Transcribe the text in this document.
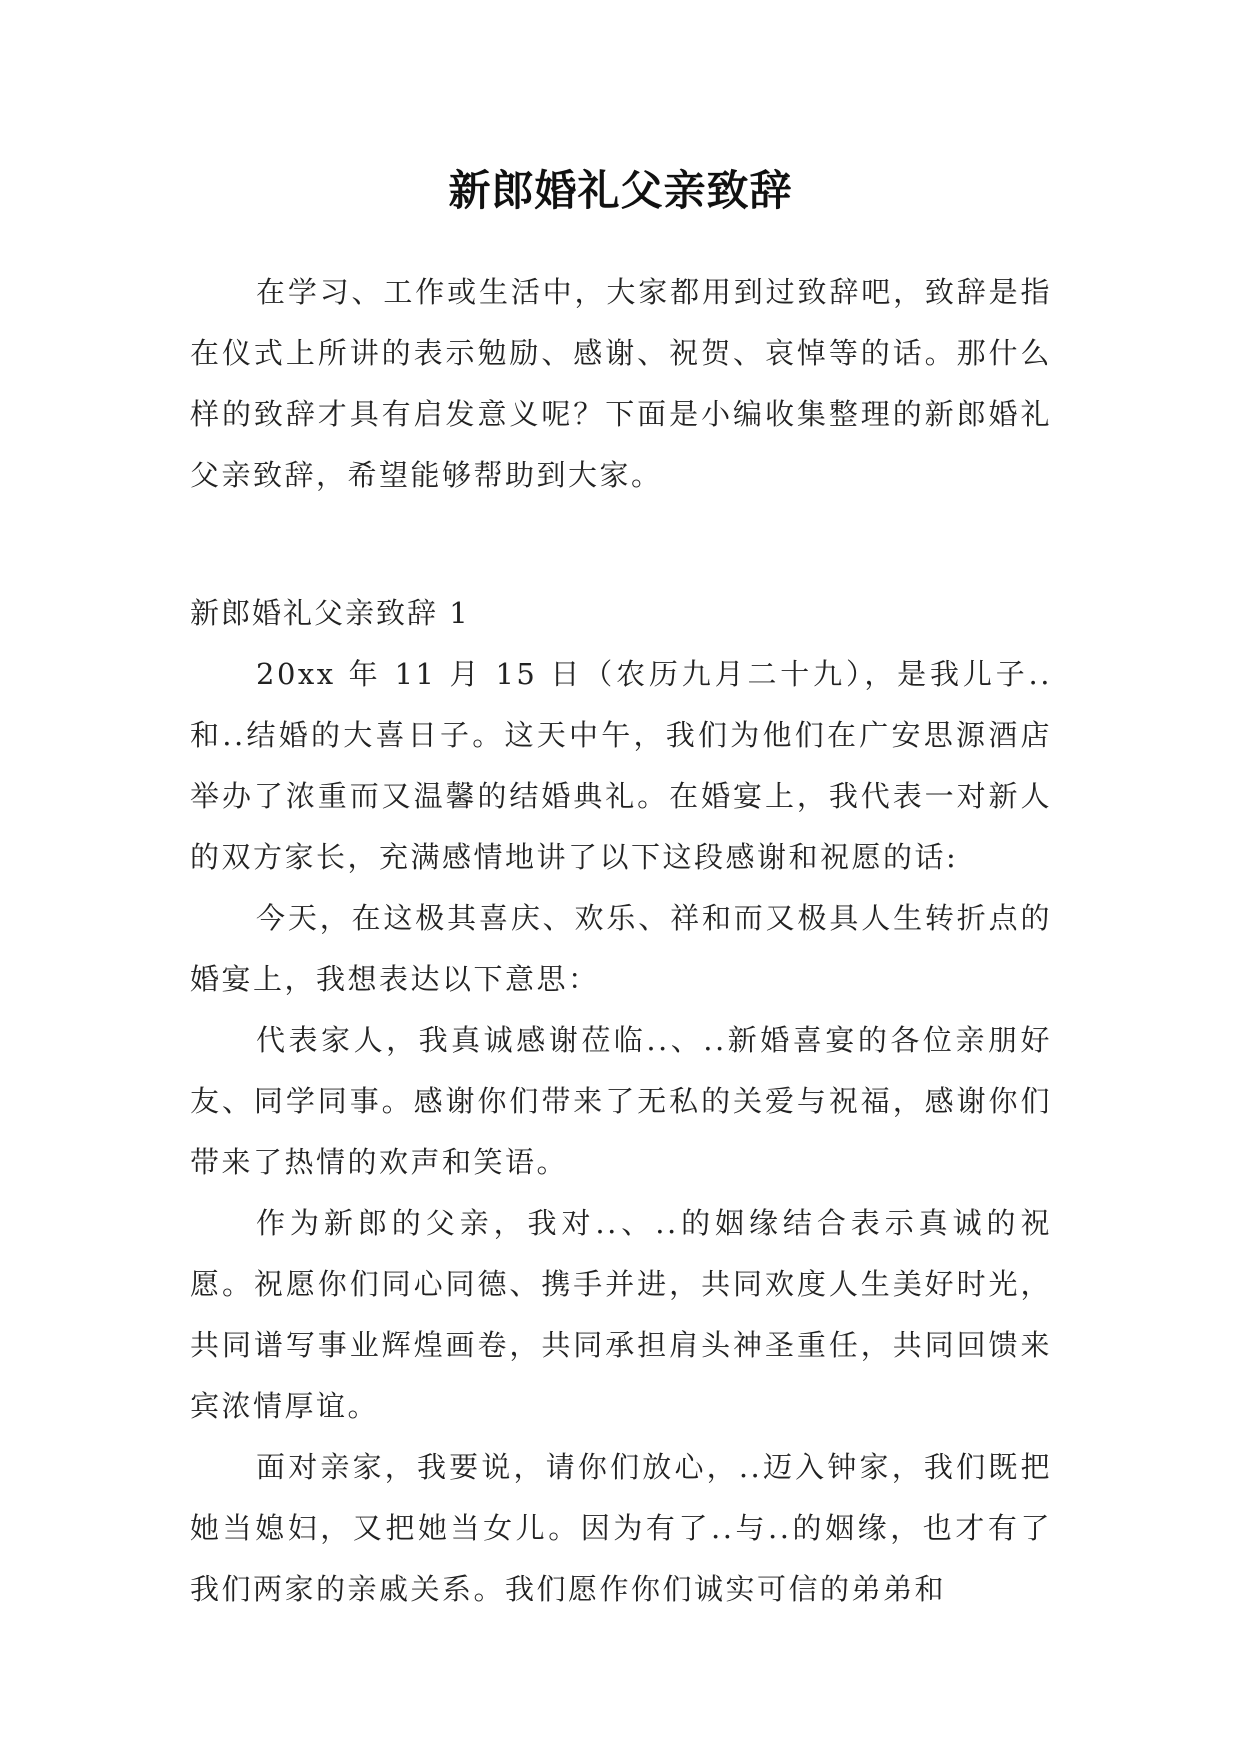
新郎婚礼父亲致辞

在学习、工作或生活中，大家都用到过致辞吧，致辞是指在仪式上所讲的表示勉励、感谢、祝贺、哀悼等的话。那什么样的致辞才具有启发意义呢？下面是小编收集整理的新郎婚礼父亲致辞，希望能够帮助到大家。

新郎婚礼父亲致辞 1

20xx 年 11 月 15 日（农历九月二十九），是我儿子..和..结婚的大喜日子。这天中午，我们为他们在广安思源酒店举办了浓重而又温馨的结婚典礼。在婚宴上，我代表一对新人的双方家长，充满感情地讲了以下这段感谢和祝愿的话:

今天，在这极其喜庆、欢乐、祥和而又极具人生转折点的婚宴上，我想表达以下意思：

代表家人，我真诚感谢莅临..、..新婚喜宴的各位亲朋好友、同学同事。感谢你们带来了无私的关爱与祝福，感谢你们带来了热情的欢声和笑语。

作为新郎的父亲，我对..、..的姻缘结合表示真诚的祝愿。祝愿你们同心同德、携手并进，共同欢度人生美好时光，共同谱写事业辉煌画卷，共同承担肩头神圣重任，共同回馈来宾浓情厚谊。

面对亲家，我要说，请你们放心，..迈入钟家，我们既把她当媳妇，又把她当女儿。因为有了..与..的姻缘，也才有了我们两家的亲戚关系。我们愿作你们诚实可信的弟弟和
